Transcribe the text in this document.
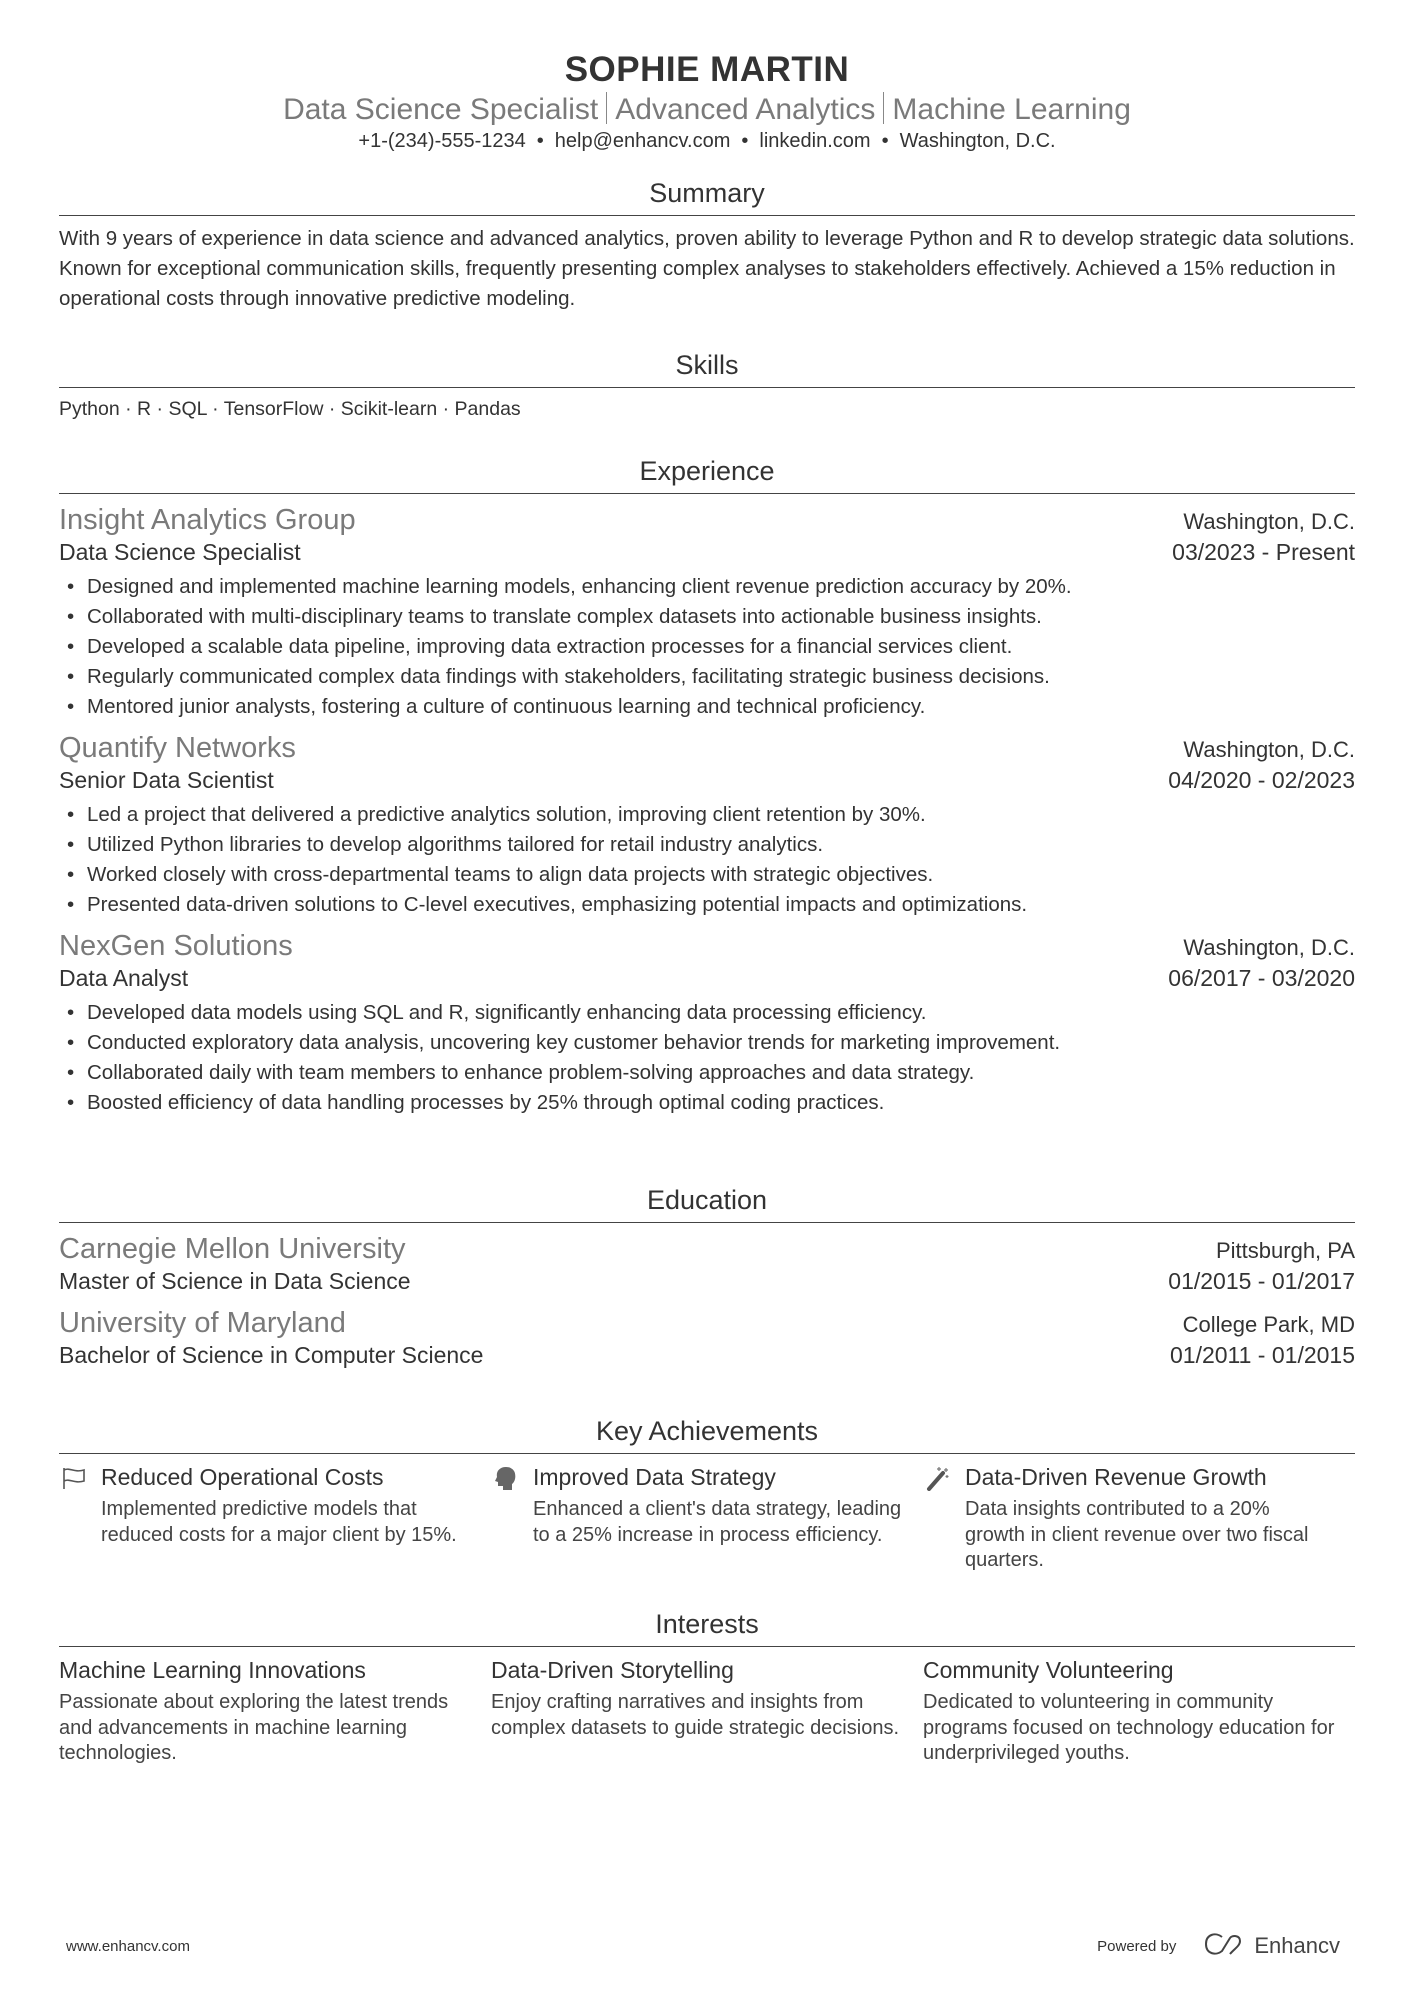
SOPHIE MARTIN
Data Science Specialist Advanced Analytics Machine Learning
+1-(234)-555-1234 • help@enhancv.com • linkedin.com • Washington, D.C.
Summary

With 9 years of experience in data science and advanced analytics, proven ability to leverage Python and R to develop strategic data solutions. Known for exceptional communication skills, frequently presenting complex analyses to stakeholders effectively. Achieved a 15% reduction in operational costs through innovative predictive modeling.

Skills

Python · R · SQL · TensorFlow · Scikit-learn · Pandas

Experience
Insight Analytics Group	Washington, D.C.
Data Science Specialist	03/2023 - Present
• Designed and implemented machine learning models, enhancing client revenue prediction accuracy by 20%.
• Collaborated with multi-disciplinary teams to translate complex datasets into actionable business insights.
• Developed a scalable data pipeline, improving data extraction processes for a financial services client.
• Regularly communicated complex data findings with stakeholders, facilitating strategic business decisions.
• Mentored junior analysts, fostering a culture of continuous learning and technical proficiency.
Quantify Networks	Washington, D.C.
Senior Data Scientist	04/2020 - 02/2023
• Led a project that delivered a predictive analytics solution, improving client retention by 30%.
• Utilized Python libraries to develop algorithms tailored for retail industry analytics.
• Worked closely with cross-departmental teams to align data projects with strategic objectives.
• Presented data-driven solutions to C-level executives, emphasizing potential impacts and optimizations.
NexGen Solutions	Washington, D.C.
Data Analyst	06/2017 - 03/2020
• Developed data models using SQL and R, significantly enhancing data processing efficiency.
• Conducted exploratory data analysis, uncovering key customer behavior trends for marketing improvement.
• Collaborated daily with team members to enhance problem-solving approaches and data strategy.
• Boosted efficiency of data handling processes by 25% through optimal coding practices.
Education
Carnegie Mellon University	Pittsburgh, PA
Master of Science in Data Science	01/2015 - 01/2017
University of Maryland	College Park, MD
Bachelor of Science in Computer Science	01/2011 - 01/2015
Key Achievements
Reduced Operational Costs
Implemented predictive models that reduced costs for a major client by 15%.
Improved Data Strategy
Enhanced a client's data strategy, leading to a 25% increase in process efficiency.
Data-Driven Revenue Growth
Data insights contributed to a 20% growth in client revenue over two fiscal quarters.
Interests
Machine Learning Innovations
Passionate about exploring the latest trends and advancements in machine learning technologies.
Data-Driven Storytelling
Enjoy crafting narratives and insights from complex datasets to guide strategic decisions.
Community Volunteering
Dedicated to volunteering in community programs focused on technology education for underprivileged youths.
www.enhancv.com	Powered by	Enhancv
